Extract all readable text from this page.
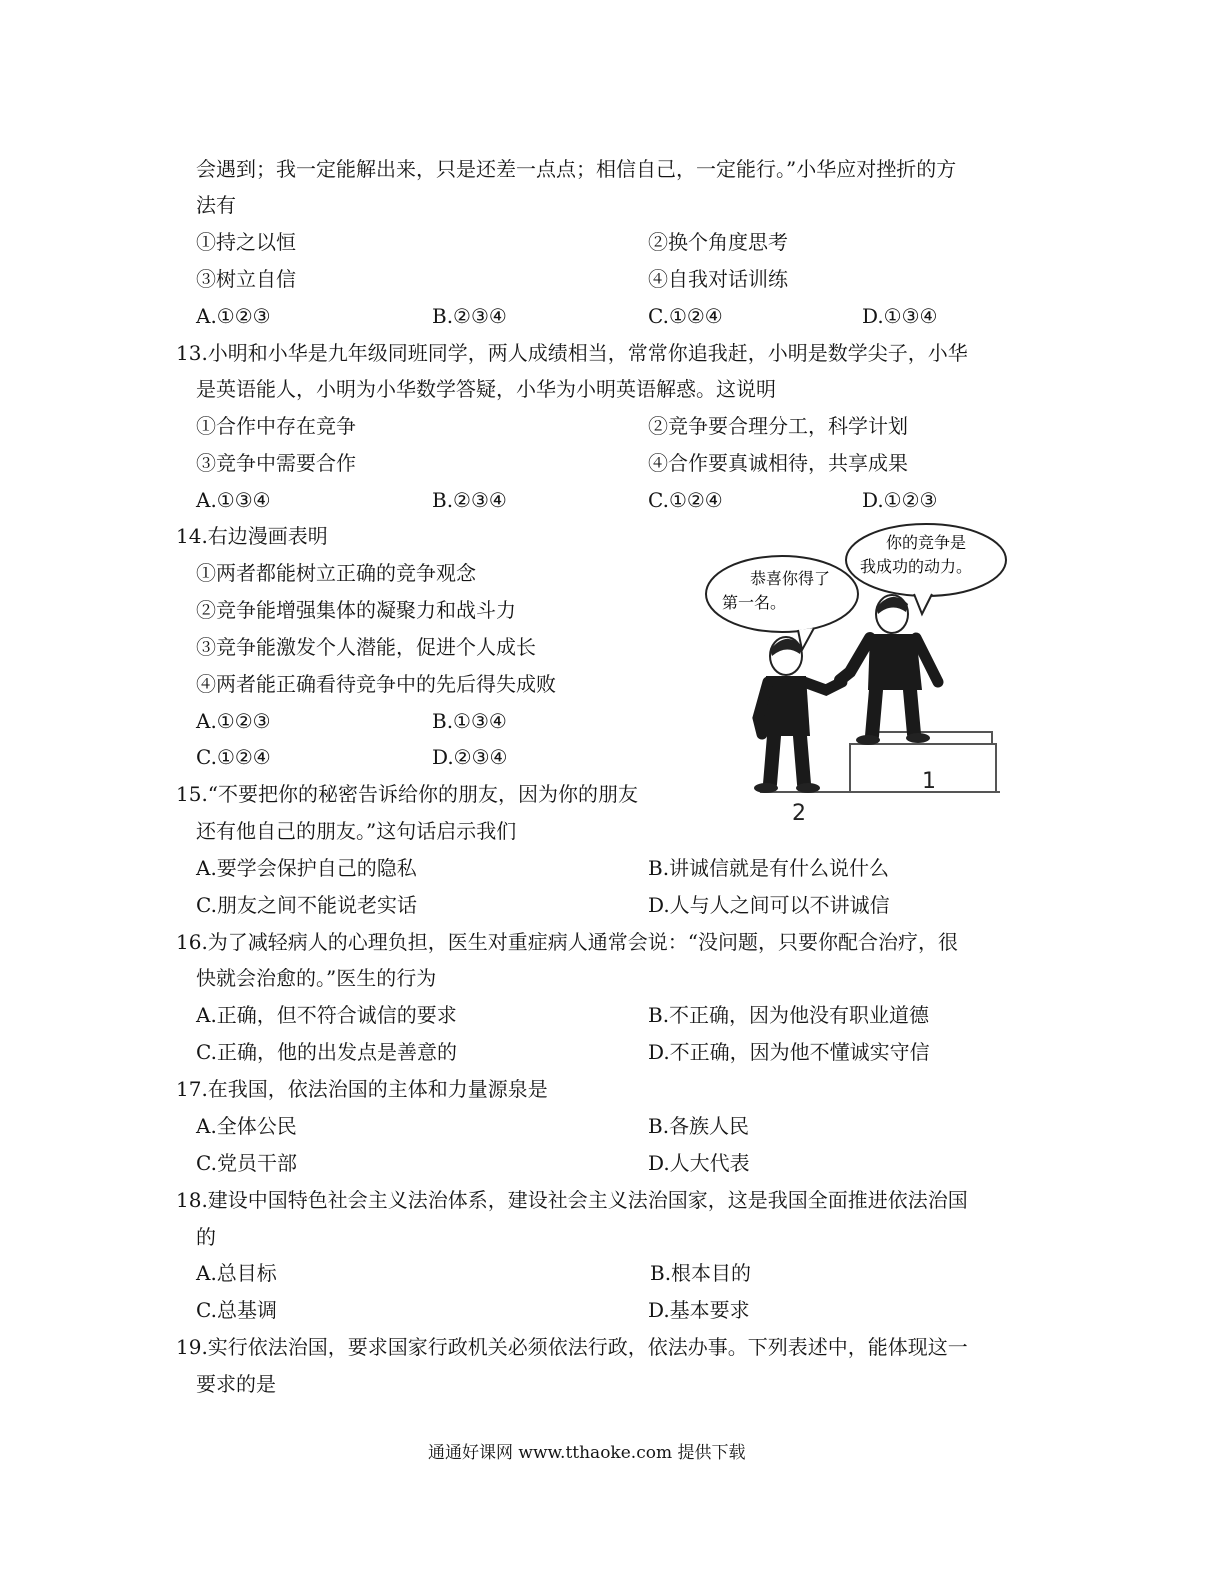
会遇到；我一定能解出来，只是还差一点点；相信自己，一定能行。”小华应对挫折的方
法有
①持之以恒	②换个角度思考
③树立自信	④自我对话训练
A.①②③	B.②③④	C.①②④	D.①③④
13.小明和小华是九年级同班同学，两人成绩相当，常常你追我赶，小明是数学尖子，小华
是英语能人，小明为小华数学答疑，小华为小明英语解惑。这说明
①合作中存在竞争	②竞争要合理分工，科学计划
③竞争中需要合作	④合作要真诚相待，共享成果
A.①③④	B.②③④	C.①②④	D.①②③
14.右边漫画表明
①两者都能树立正确的竞争观念
②竞争能增强集体的凝聚力和战斗力
③竞争能激发个人潜能，促进个人成长
④两者能正确看待竞争中的先后得失成败
A.①②③	B.①③④
C.①②④	D.②③④
你的竞争是
我成功的动力。
恭喜你得了
第一名。
1
2
15.“不要把你的秘密告诉给你的朋友，因为你的朋友
还有他自己的朋友。”这句话启示我们
A.要学会保护自己的隐私	B.讲诚信就是有什么说什么
C.朋友之间不能说老实话	D.人与人之间可以不讲诚信
16.为了减轻病人的心理负担，医生对重症病人通常会说：“没问题，只要你配合治疗，很
快就会治愈的。”医生的行为
A.正确，但不符合诚信的要求	B.不正确，因为他没有职业道德
C.正确，他的出发点是善意的	D.不正确，因为他不懂诚实守信
17.在我国，依法治国的主体和力量源泉是
A.全体公民	B.各族人民
C.党员干部	D.人大代表
18.建设中国特色社会主义法治体系，建设社会主义法治国家，这是我国全面推进依法治国
的
A.总目标	B.根本目的
C.总基调	D.基本要求
19.实行依法治国，要求国家行政机关必须依法行政，依法办事。下列表述中，能体现这一
要求的是
通通好课网 www.tthaoke.com 提供下载
